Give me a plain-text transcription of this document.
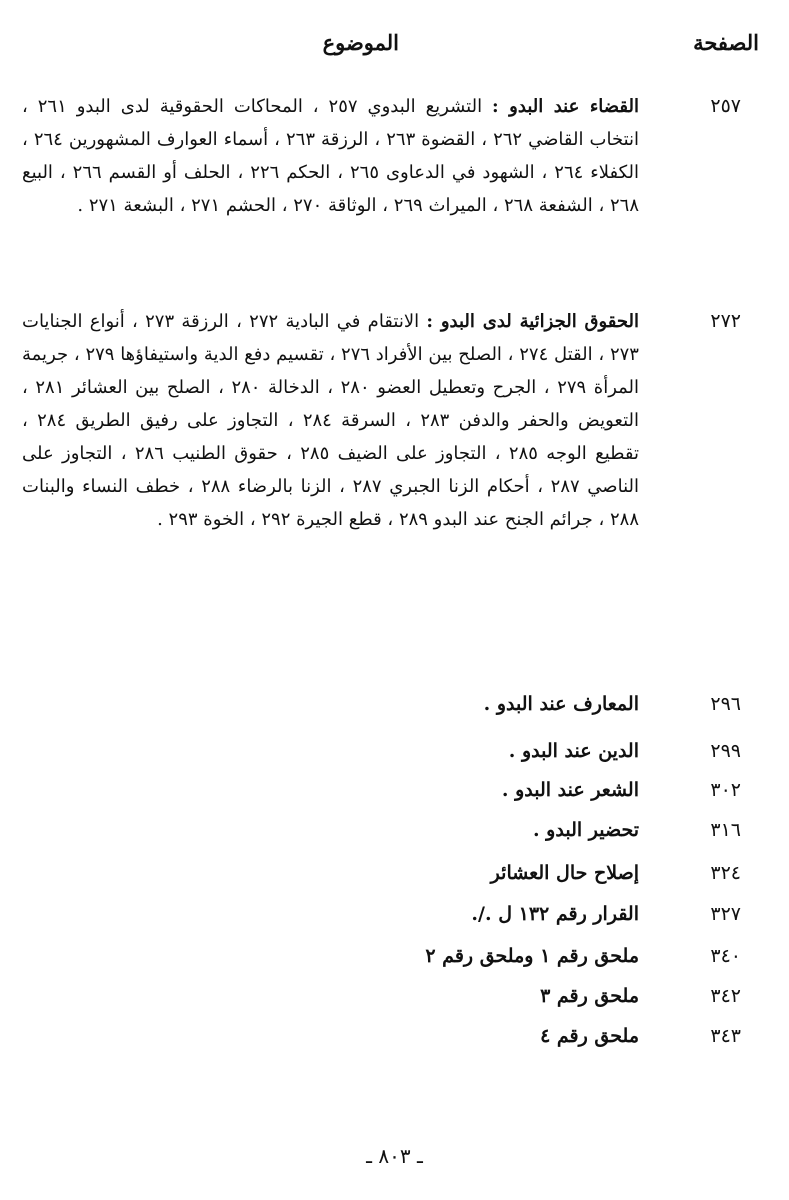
الصفحة
الموضوع
٢٥٧
القضاء عند البدو : التشريع البدوي ٢٥٧ ، المحاكات الحقوقية لدى البدو ٢٦١ ، انتخاب القاضي ٢٦٢ ، القضوة ٢٦٣ ، الرزقة ٢٦٣ ، أسماء العوارف المشهورين ٢٦٤ ، الكفلاء ٢٦٤ ، الشهود في الدعاوى ٢٦٥ ، الحكم ٢٢٦ ، الحلف أو القسم ٢٦٦ ، البيع ٢٦٨ ، الشفعة ٢٦٨ ، الميراث ٢٦٩ ، الوثاقة ٢٧٠ ، الحشم ٢٧١ ، البشعة ٢٧١ .
٢٧٢
الحقوق الجزائية لدى البدو : الانتقام في البادية ٢٧٢ ، الرزقة ٢٧٣ ، أنواع الجنايات ٢٧٣ ، القتل ٢٧٤ ، الصلح بين الأفراد ٢٧٦ ، تقسيم دفع الدية واستيفاؤها ٢٧٩ ، جريمة المرأة ٢٧٩ ، الجرح وتعطيل العضو ٢٨٠ ، الدخالة ٢٨٠ ، الصلح بين العشائر ٢٨١ ، التعويض والحفر والدفن ٢٨٣ ، السرقة ٢٨٤ ، التجاوز على رفيق الطريق ٢٨٤ ، تقطيع الوجه ٢٨٥ ، التجاوز على الضيف ٢٨٥ ، حقوق الطنيب ٢٨٦ ، التجاوز على الناصي ٢٨٧ ، أحكام الزنا الجبري ٢٨٧ ، الزنا بالرضاء ٢٨٨ ، خطف النساء والبنات ٢٨٨ ، جرائم الجنح عند البدو ٢٨٩ ، قطع الجيرة ٢٩٢ ، الخوة ٢٩٣ .
٢٩٦
المعارف عند البدو .
٢٩٩
الدين عند البدو .
٣٠٢
الشعر عند البدو .
٣١٦
تحضير البدو .
٣٢٤
إصلاح حال العشائر
٣٢٧
القرار رقم ١٣٢ ل ./.
٣٤٠
ملحق رقم ١ وملحق رقم ٢
٣٤٢
ملحق رقم ٣
٣٤٣
ملحق رقم ٤
ـ ٨٠٣ ـ
